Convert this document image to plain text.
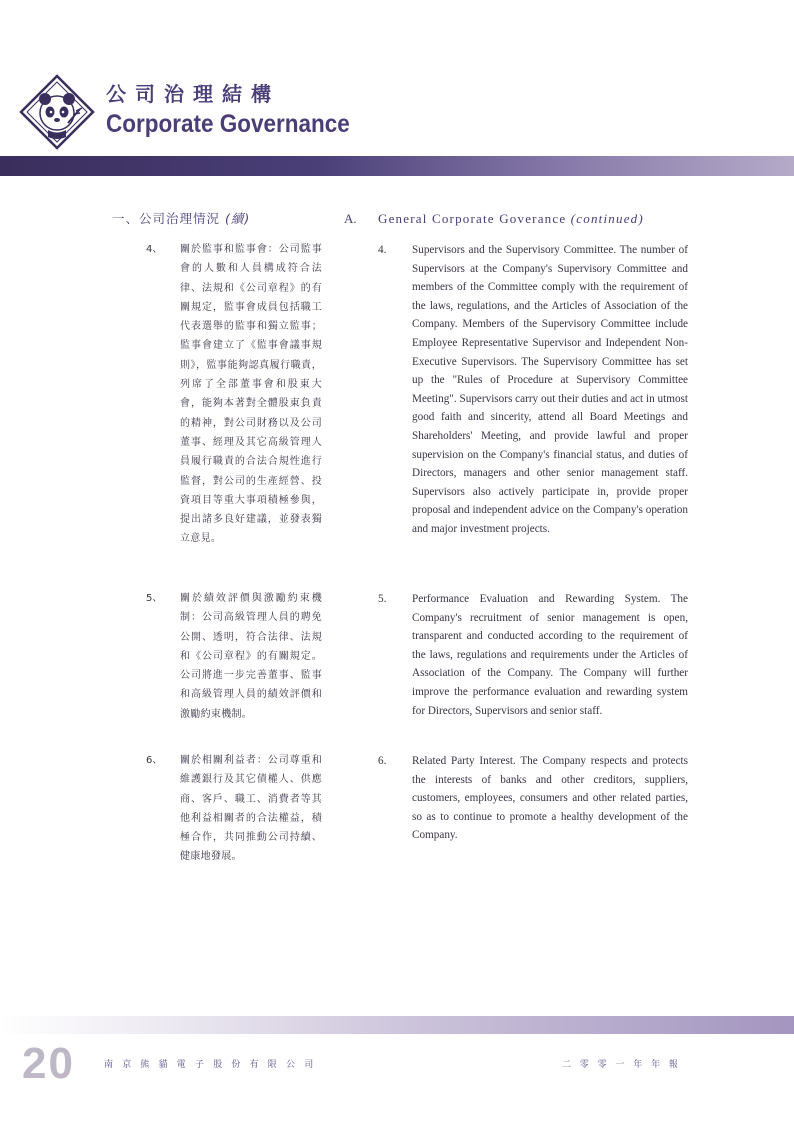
公司治理結構
Corporate Governance
一、公司治理情況 (續)	A. General Corporate Goverance (continued)
4、 關於監事和監事會：公司監事會的人數和人員構成符合法律、法規和《公司章程》的有關規定，監事會成員包括職工代表選舉的監事和獨立監事；監事會建立了《監事會議事規則》，監事能夠認真履行職責，列席了全部董事會和股東大會，能夠本著對全體股東負責的精神，對公司財務以及公司董事、經理及其它高級管理人員履行職責的合法合規性進行監督，對公司的生產經營、投資項目等重大事項積極參與，提出諸多良好建議，並發表獨立意見。
4. Supervisors and the Supervisory Committee. The number of Supervisors at the Company's Supervisory Committee and members of the Committee comply with the requirement of the laws, regulations, and the Articles of Association of the Company. Members of the Supervisory Committee include Employee Representative Supervisor and Independent Non-Executive Supervisors. The Supervisory Committee has set up the "Rules of Procedure at Supervisory Committee Meeting". Supervisors carry out their duties and act in utmost good faith and sincerity, attend all Board Meetings and Shareholders' Meeting, and provide lawful and proper supervision on the Company's financial status, and duties of Directors, managers and other senior management staff. Supervisors also actively participate in, provide proper proposal and independent advice on the Company's operation and major investment projects.
5、 關於績效評價與激勵約束機制：公司高級管理人員的聘免公開、透明，符合法律、法規和《公司章程》的有關規定。公司將進一步完善董事、監事和高級管理人員的績效評價和激勵約束機制。
5. Performance Evaluation and Rewarding System. The Company's recruitment of senior management is open, transparent and conducted according to the requirement of the laws, regulations and requirements under the Articles of Association of the Company. The Company will further improve the performance evaluation and rewarding system for Directors, Supervisors and senior staff.
6、 關於相關利益者：公司尊重和維護銀行及其它債權人、供應商、客戶、職工、消費者等其他利益相關者的合法權益，積極合作，共同推動公司持續、健康地發展。
6. Related Party Interest. The Company respects and protects the interests of banks and other creditors, suppliers, customers, employees, consumers and other related parties, so as to continue to promote a healthy development of the Company.
20	南京熊貓電子股份有限公司	二零零一年年報
